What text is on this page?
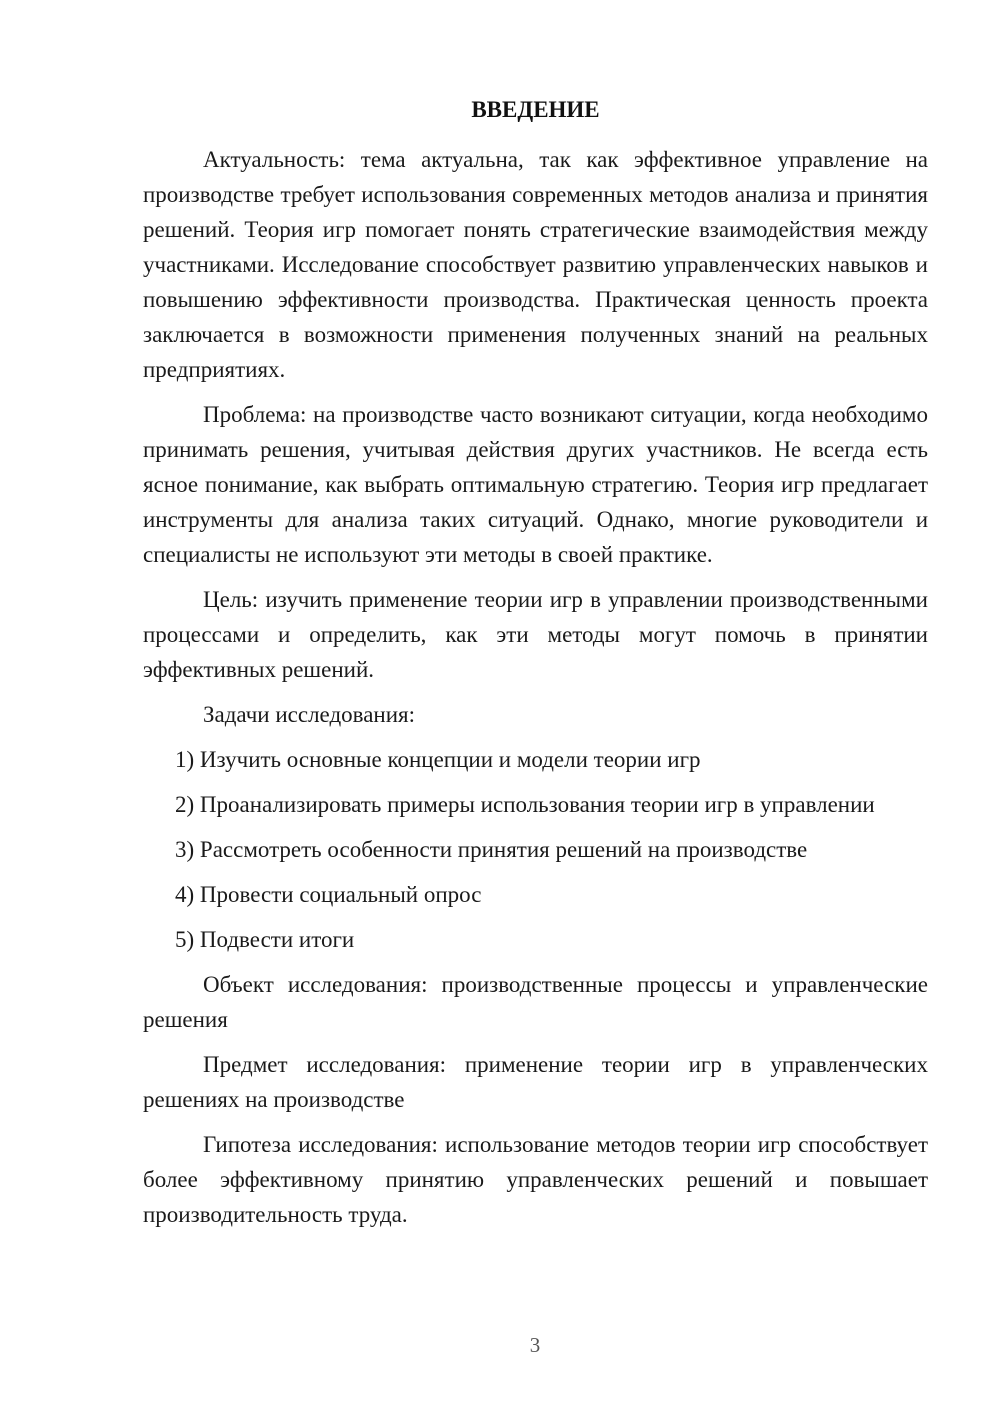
ВВЕДЕНИЕ

Актуальность: тема актуальна, так как эффективное управление на производстве требует использования современных методов анализа и принятия решений. Теория игр помогает понять стратегические взаимодействия между участниками. Исследование способствует развитию управленческих навыков и повышению эффективности производства. Практическая ценность проекта заключается в возможности применения полученных знаний на реальных предприятиях.

Проблема: на производстве часто возникают ситуации, когда необходимо принимать решения, учитывая действия других участников. Не всегда есть ясное понимание, как выбрать оптимальную стратегию. Теория игр предлагает инструменты для анализа таких ситуаций. Однако, многие руководители и специалисты не используют эти методы в своей практике.

Цель: изучить применение теории игр в управлении производственными процессами и определить, как эти методы могут помочь в принятии эффективных решений.

Задачи исследования:

1) Изучить основные концепции и модели теории игр

2) Проанализировать примеры использования теории игр в управлении

3) Рассмотреть особенности принятия решений на производстве

4) Провести социальный опрос

5) Подвести итоги

Объект исследования: производственные процессы и управленческие решения

Предмет исследования: применение теории игр в управленческих решениях на производстве

Гипотеза исследования: использование методов теории игр способствует более эффективному принятию управленческих решений и повышает производительность труда.

3
